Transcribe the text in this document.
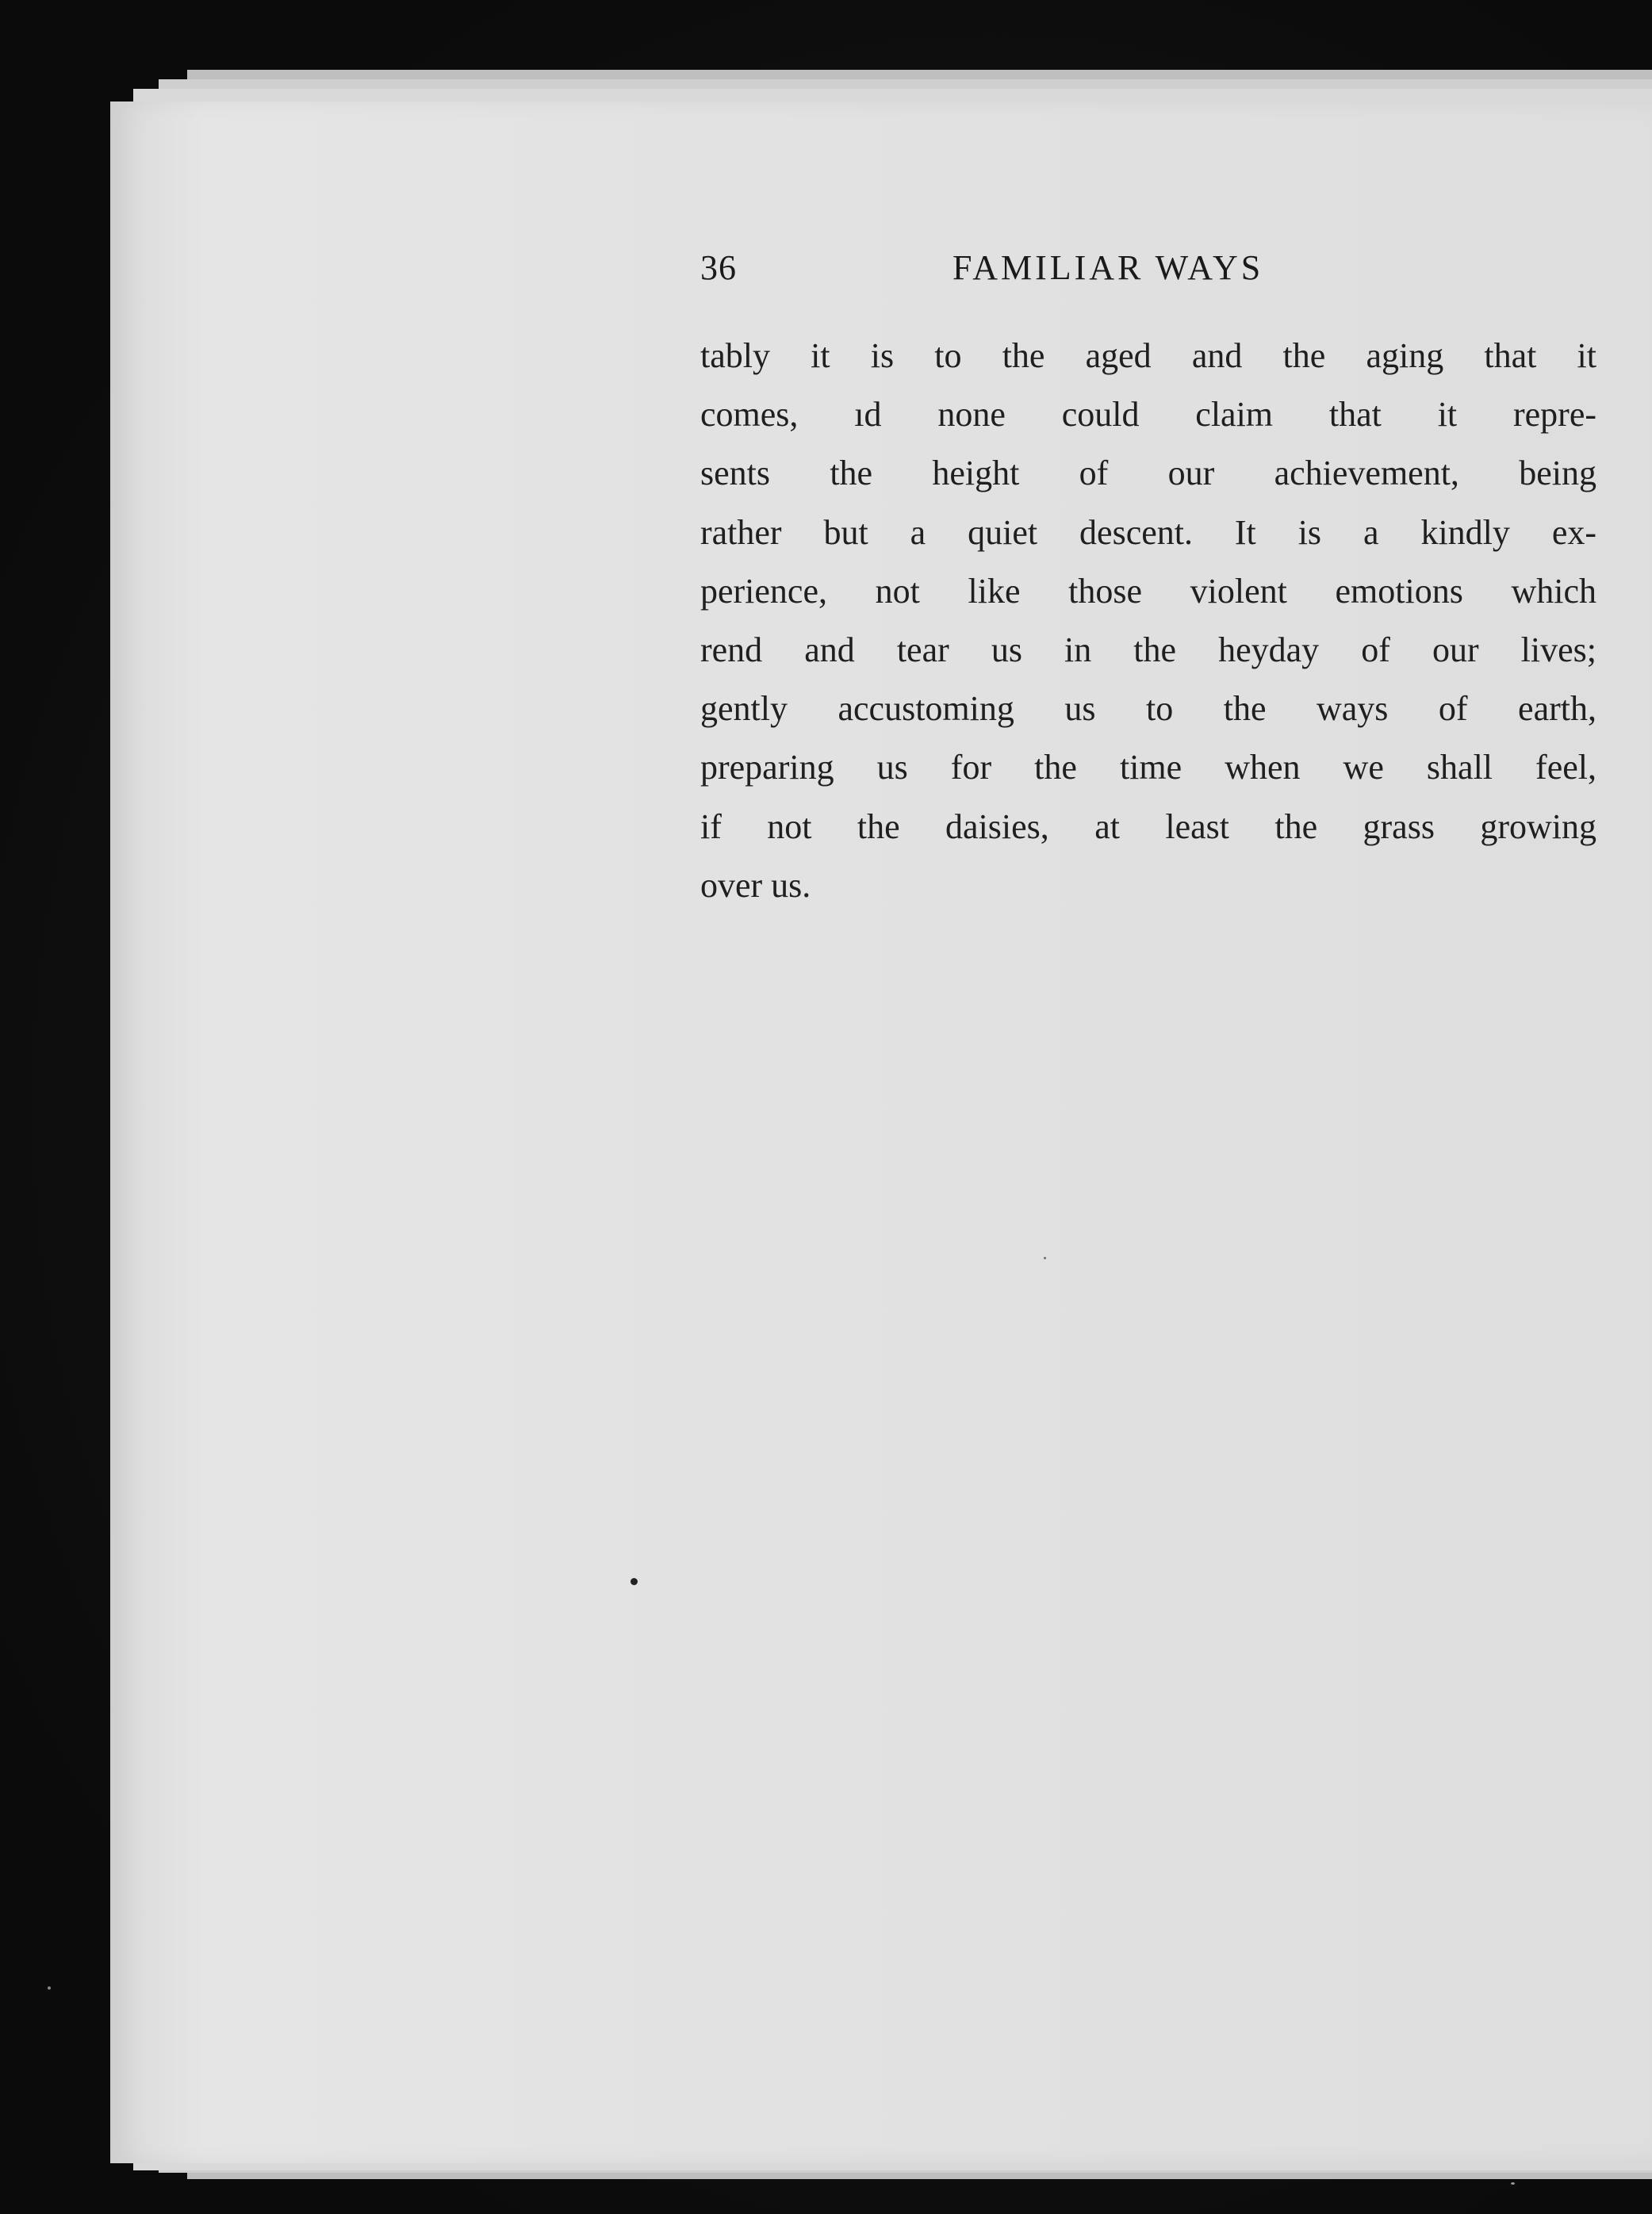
36	FAMILIAR WAYS
tably it is to the aged and the aging that it
comes, ıd none could claim that it repre-
sents the height of our achievement, being
rather but a quiet descent. It is a kindly ex-
perience, not like those violent emotions which
rend and tear us in the heyday of our lives;
gently accustoming us to the ways of earth,
preparing us for the time when we shall feel,
if not the daisies, at least the grass growing
over us.
